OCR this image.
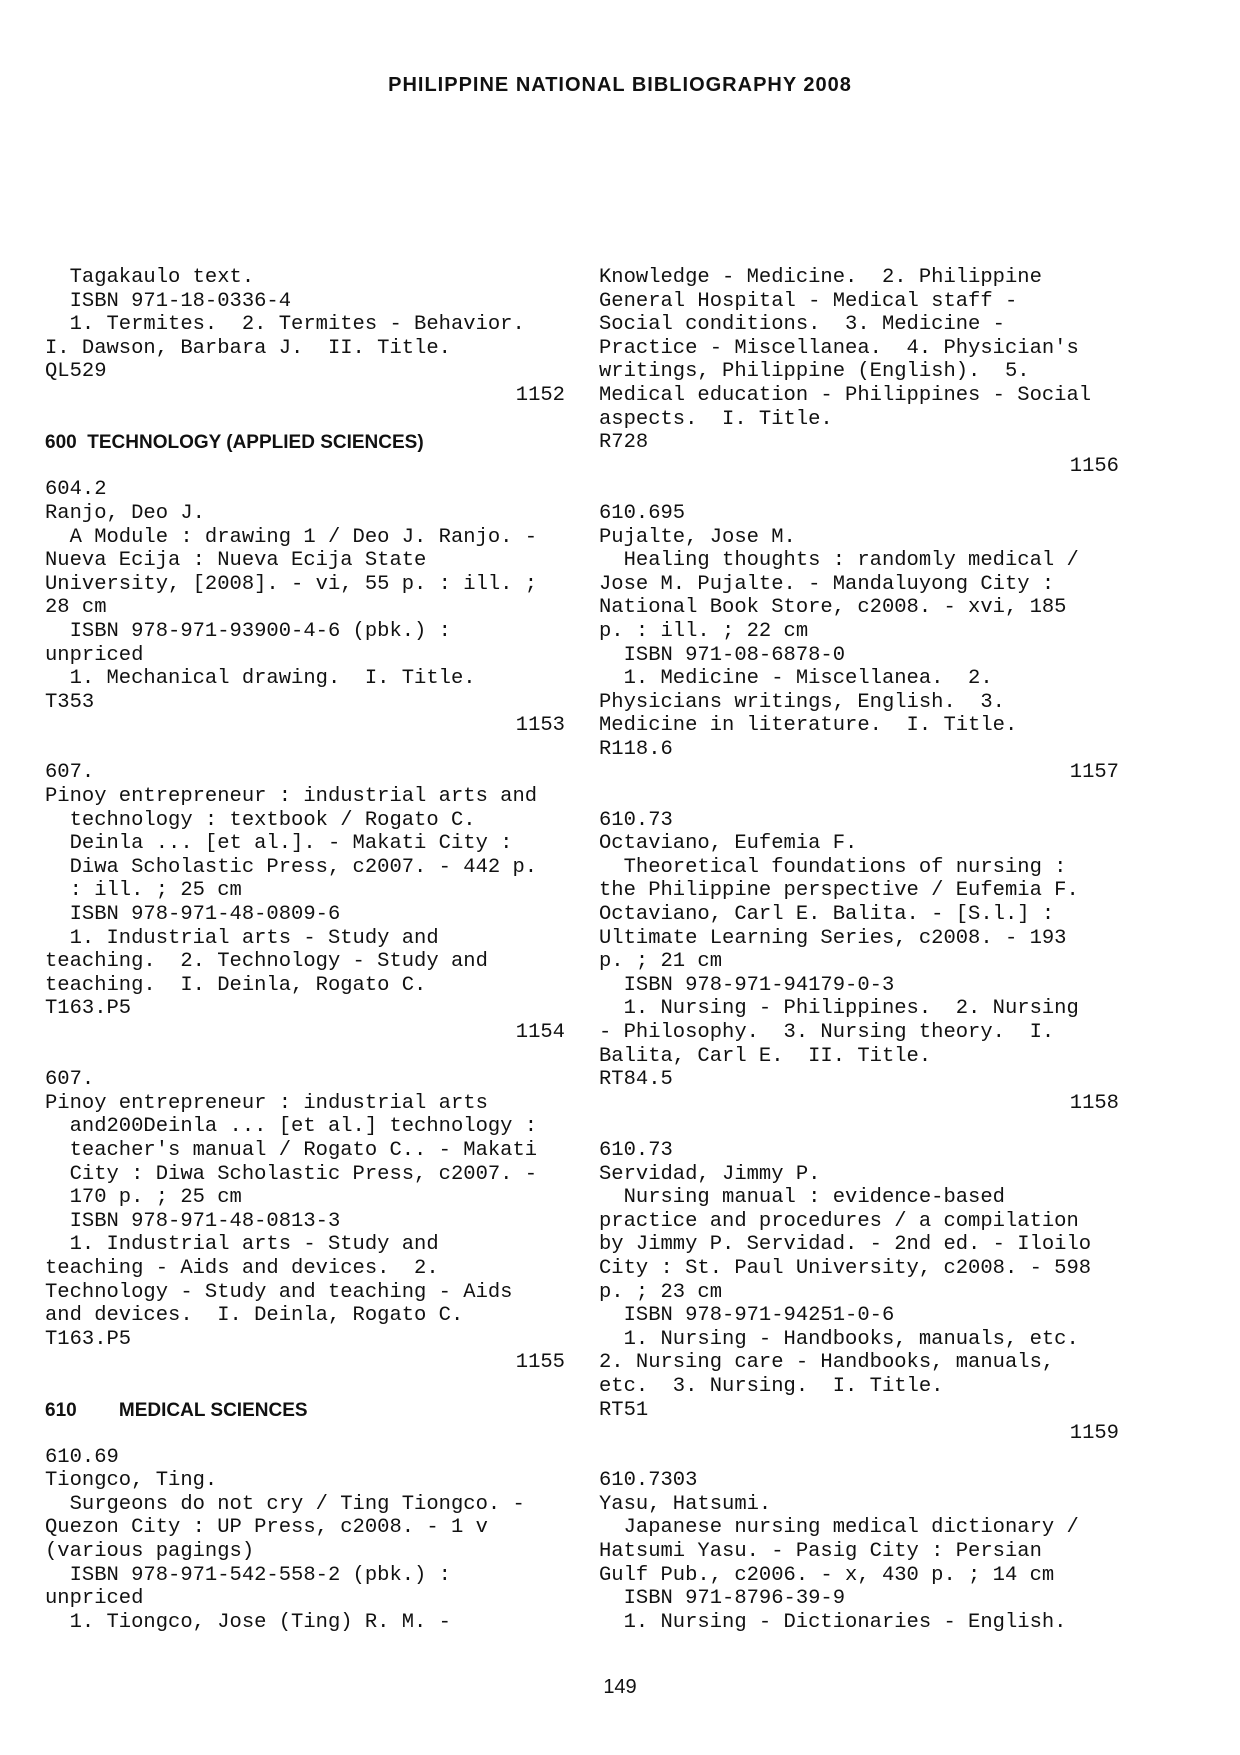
PHILIPPINE NATIONAL BIBLIOGRAPHY 2008
Tagakaulo text.
ISBN 971-18-0336-4
1. Termites.  2. Termites - Behavior.
I. Dawson, Barbara J.  II. Title.
QL529
1152
600  TECHNOLOGY (APPLIED SCIENCES)
604.2
Ranjo, Deo J.
A Module : drawing 1 / Deo J. Ranjo. -
Nueva Ecija : Nueva Ecija State
University, [2008]. - vi, 55 p. : ill. ;
28 cm
ISBN 978-971-93900-4-6 (pbk.) :
unpriced
1. Mechanical drawing.  I. Title.
T353
1153
607.
Pinoy entrepreneur : industrial arts and
technology : textbook / Rogato C.
Deinla ... [et al.]. - Makati City :
Diwa Scholastic Press, c2007. - 442 p.
: ill. ; 25 cm
ISBN 978-971-48-0809-6
1. Industrial arts - Study and
teaching.  2. Technology - Study and
teaching.  I. Deinla, Rogato C.
T163.P5
1154
607.
Pinoy entrepreneur : industrial arts
and200Deinla ... [et al.] technology :
teacher's manual / Rogato C.. - Makati
City : Diwa Scholastic Press, c2007. -
170 p. ; 25 cm
ISBN 978-971-48-0813-3
1. Industrial arts - Study and
teaching - Aids and devices.  2.
Technology - Study and teaching - Aids
and devices.  I. Deinla, Rogato C.
T163.P5
1155
610        MEDICAL SCIENCES
610.69
Tiongco, Ting.
Surgeons do not cry / Ting Tiongco. -
Quezon City : UP Press, c2008. - 1 v
(various pagings)
ISBN 978-971-542-558-2 (pbk.) :
unpriced
1. Tiongco, Jose (Ting) R. M. -
Knowledge - Medicine.  2. Philippine
General Hospital - Medical staff -
Social conditions.  3. Medicine -
Practice - Miscellanea.  4. Physician's
writings, Philippine (English).  5.
Medical education - Philippines - Social
aspects.  I. Title.
R728
1156
610.695
Pujalte, Jose M.
Healing thoughts : randomly medical /
Jose M. Pujalte. - Mandaluyong City :
National Book Store, c2008. - xvi, 185
p. : ill. ; 22 cm
ISBN 971-08-6878-0
1. Medicine - Miscellanea.  2.
Physicians writings, English.  3.
Medicine in literature.  I. Title.
R118.6
1157
610.73
Octaviano, Eufemia F.
Theoretical foundations of nursing :
the Philippine perspective / Eufemia F.
Octaviano, Carl E. Balita. - [S.l.] :
Ultimate Learning Series, c2008. - 193
p. ; 21 cm
ISBN 978-971-94179-0-3
1. Nursing - Philippines.  2. Nursing
- Philosophy.  3. Nursing theory.  I.
Balita, Carl E.  II. Title.
RT84.5
1158
610.73
Servidad, Jimmy P.
Nursing manual : evidence-based
practice and procedures / a compilation
by Jimmy P. Servidad. - 2nd ed. - Iloilo
City : St. Paul University, c2008. - 598
p. ; 23 cm
ISBN 978-971-94251-0-6
1. Nursing - Handbooks, manuals, etc.
2. Nursing care - Handbooks, manuals,
etc.  3. Nursing.  I. Title.
RT51
1159
610.7303
Yasu, Hatsumi.
Japanese nursing medical dictionary /
Hatsumi Yasu. - Pasig City : Persian
Gulf Pub., c2006. - x, 430 p. ; 14 cm
ISBN 971-8796-39-9
1. Nursing - Dictionaries - English.
149
